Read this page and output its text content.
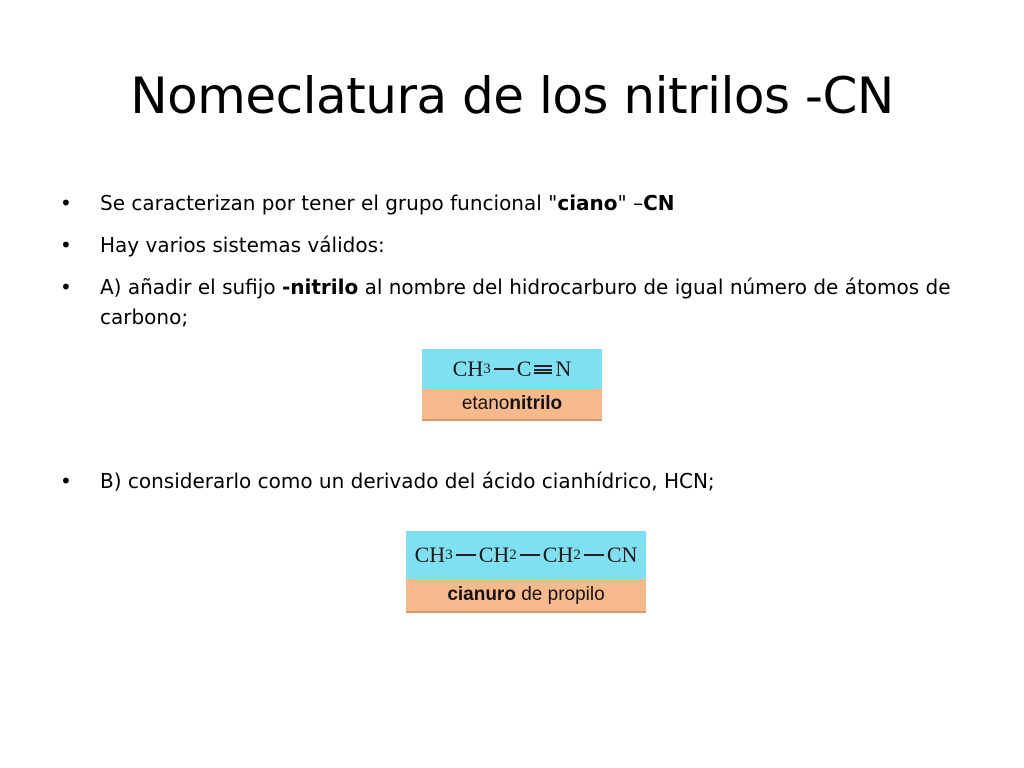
Nomeclatura de los nitrilos -CN
•	Se caracterizan por tener el grupo funcional "ciano" –CN
•	Hay varios sistemas válidos:
•	A) añadir el sufijo -nitrilo al nombre del hidrocarburo de igual número de átomos de carbono;
•	B) considerarlo como un derivado del ácido cianhídrico, HCN;
CH 3 C N
etano nitrilo
CH 3 CH 2 CH 2 CN
cianuro de propilo
